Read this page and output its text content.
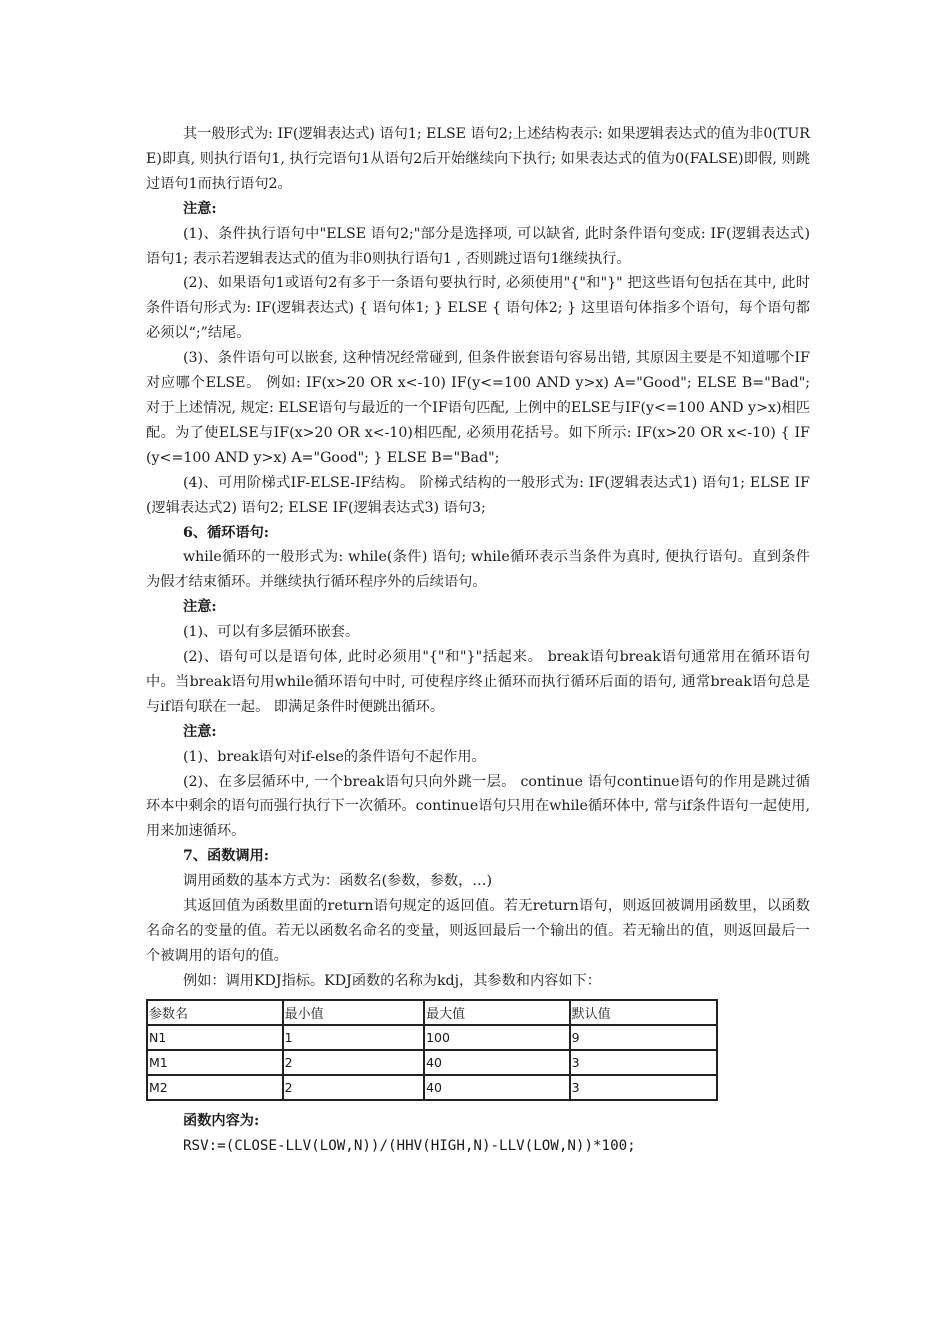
其一般形式为: IF(逻辑表达式) 语句1; ELSE 语句2;上述结构表示: 如果逻辑表达式的值为非0(TURE)即真, 则执行语句1, 执行完语句1从语句2后开始继续向下执行; 如果表达式的值为0(FALSE)即假, 则跳过语句1而执行语句2。

注意:

(1)、条件执行语句中"ELSE 语句2;"部分是选择项, 可以缺省, 此时条件语句变成: IF(逻辑表达式) 语句1; 表示若逻辑表达式的值为非0则执行语句1 , 否则跳过语句1继续执行。

(2)、如果语句1或语句2有多于一条语句要执行时, 必须使用"{"和"}" 把这些语句包括在其中, 此时条件语句形式为: IF(逻辑表达式) { 语句体1; } ELSE { 语句体2; } 这里语句体指多个语句，每个语句都必须以“;”结尾。

(3)、条件语句可以嵌套, 这种情况经常碰到, 但条件嵌套语句容易出错, 其原因主要是不知道哪个IF对应哪个ELSE。 例如: IF(x>20 OR x<-10) IF(y<=100 AND y>x) A="Good"; ELSE B="Bad"; 对于上述情况, 规定: ELSE语句与最近的一个IF语句匹配, 上例中的ELSE与IF(y<=100 AND y>x)相匹配。为了使ELSE与IF(x>20 OR x<-10)相匹配, 必须用花括号。如下所示: IF(x>20 OR x<-10) { IF(y<=100 AND y>x) A="Good"; } ELSE B="Bad";

(4)、可用阶梯式IF-ELSE-IF结构。 阶梯式结构的一般形式为: IF(逻辑表达式1) 语句1; ELSE IF(逻辑表达式2) 语句2; ELSE IF(逻辑表达式3) 语句3;

6、循环语句:

while循环的一般形式为: while(条件) 语句; while循环表示当条件为真时, 便执行语句。直到条件为假才结束循环。并继续执行循环程序外的后续语句。

注意:

(1)、可以有多层循环嵌套。

(2)、语句可以是语句体, 此时必须用"{"和"}"括起来。 break语句break语句通常用在循环语句中。当break语句用while循环语句中时, 可使程序终止循环而执行循环后面的语句, 通常break语句总是与if语句联在一起。 即满足条件时便跳出循环。

注意:

(1)、break语句对if-else的条件语句不起作用。

(2)、在多层循环中, 一个break语句只向外跳一层。 continue 语句continue语句的作用是跳过循环本中剩余的语句而强行执行下一次循环。continue语句只用在while循环体中, 常与if条件语句一起使用, 用来加速循环。

7、函数调用:

调用函数的基本方式为：函数名(参数，参数，…)

其返回值为函数里面的return语句规定的返回值。若无return语句，则返回被调用函数里，以函数名命名的变量的值。若无以函数名命名的变量，则返回最后一个输出的值。若无输出的值，则返回最后一个被调用的语句的值。

例如：调用KDJ指标。KDJ函数的名称为kdj，其参数和内容如下：

参数名	最小值	最大值	默认值
N1	1	100	9
M1	2	40	3
M2	2	40	3

函数内容为:

RSV:=(CLOSE-LLV(LOW,N))/(HHV(HIGH,N)-LLV(LOW,N))*100;
